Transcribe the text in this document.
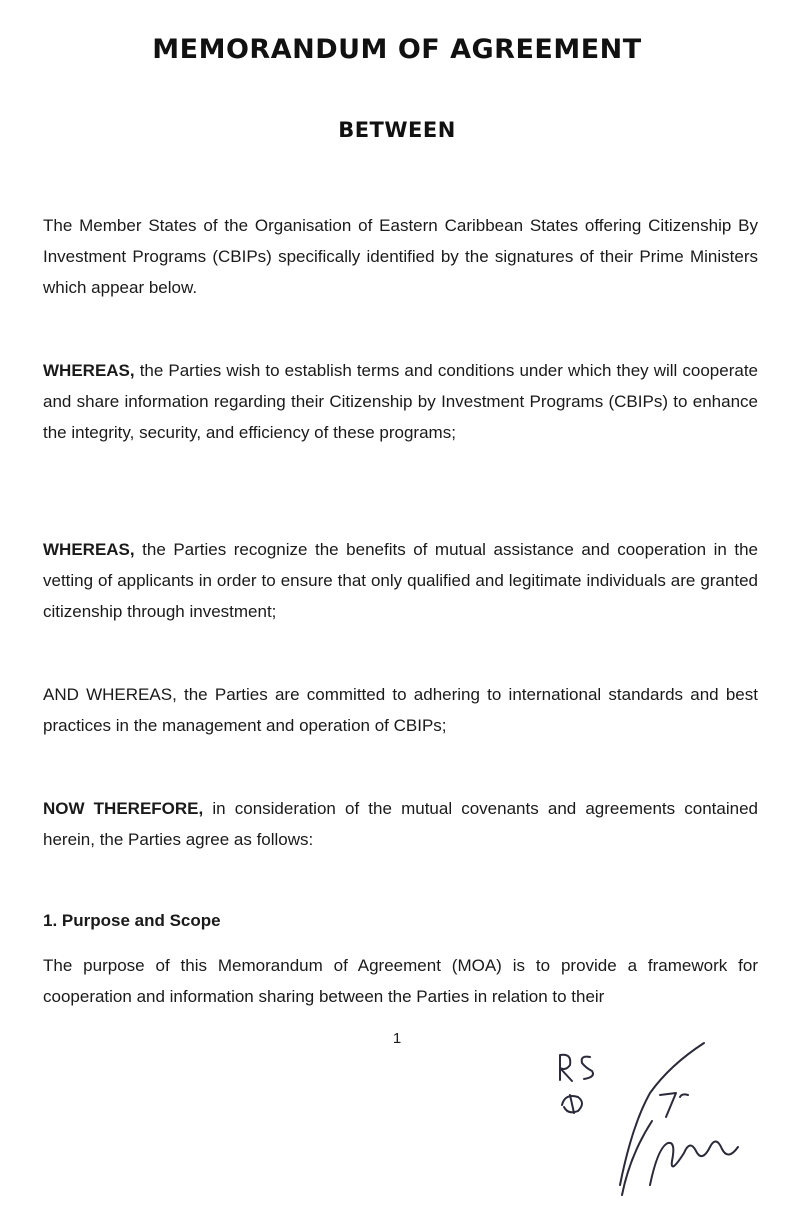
MEMORANDUM OF AGREEMENT
BETWEEN

The Member States of the Organisation of Eastern Caribbean States offering Citizenship By Investment Programs (CBIPs) specifically identified by the signatures of their Prime Ministers which appear below.

WHEREAS, the Parties wish to establish terms and conditions under which they will cooperate and share information regarding their Citizenship by Investment Programs (CBIPs) to enhance the integrity, security, and efficiency of these programs;

WHEREAS, the Parties recognize the benefits of mutual assistance and cooperation in the vetting of applicants in order to ensure that only qualified and legitimate individuals are granted citizenship through investment;

AND WHEREAS, the Parties are committed to adhering to international standards and best practices in the management and operation of CBIPs;

NOW THEREFORE, in consideration of the mutual covenants and agreements contained herein, the Parties agree as follows:

1. Purpose and Scope

The purpose of this Memorandum of Agreement (MOA) is to provide a framework for cooperation and information sharing between the Parties in relation to their

1	RS
